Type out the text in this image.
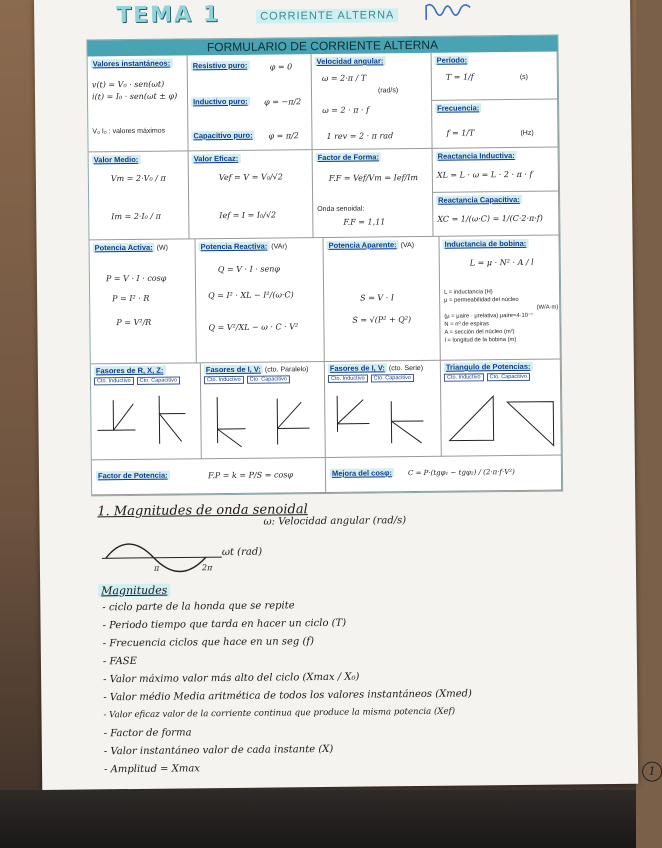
TEMA 1	CORRIENTE ALTERNA
FORMULARIO DE CORRIENTE ALTERNA
Valores instantáneos:
v(t) = V₀ · sen(ωt)
i(t) = I₀ · sen(ωt ± φ)
V₀ I₀ : valores máximos
Resistivo puro:	φ = 0
Inductivo puro: φ = −π/2
Capacitivo puro: φ = π/2
Velocidad angular:
ω = 2·π / T
(rad/s)
ω = 2 · π · f
1 rev = 2 · π rad
Período:
T = 1/f	(s)
Frecuencia:
f = 1/T	(Hz)
Valor Medio:
Vm = 2·V₀ / π
Im = 2·I₀ / π
Valor Eficaz:
Vef = V = V₀/√2
Ief = I = I₀/√2
Factor de Forma:
F.F = Vef/Vm = Ief/Im
Onda senoidal:
F.F = 1,11
Reactancia Inductiva:
XL = L · ω = L · 2 · π · f
Reactancia Capacitiva:
XC = 1/(ω·C) = 1/(C·2·π·f)
Potencia Activa: (W)
P = V · I · cosφ
P = I² · R
P = V²/R
Potencia Reactiva: (VAr)
Q = V · I · senφ
Q = I² · XL − I²/(ω·C)
Q = V²/XL − ω · C · V²
Potencia Aparente: (VA)
S = V · I
S = √(P² + Q²)
Inductancia de bobina:
L = μ · N² · A / l
L = inductancia (H)
μ = permeabilidad del núcleo
(W/A·m)
(μ = μaire · μrelativa) μaire=4·10⁻⁷
N = nº de espiras
A = sección del núcleo (m²)
l = longitud de la bobina (m)
Fasores de R, X, Z:
Cto. Inductivo Cto. Capacitivo
Fasores de I, V: (cto. Paralelo)
Cto. Inductivo Cto. Capacitivo
Fasores de I, V: (cto. Serie)
Cto. Inductivo Cto. Capacitivo
Triangulo de Potencias:
Cto. Inductivo Cto. Capacitivo
Factor de Potencia:	F.P = k = P/S = cosφ	Mejora del cosφ: C = P·(tgφ₁ − tgφ₂) / (2·π·f·V²)
1. Magnitudes de onda senoidal
ω: Velocidad angular (rad/s)
ωt (rad)
π	2π
Magnitudes
- ciclo parte de la honda que se repite
- Periodo tiempo que tarda en hacer un ciclo (T)
- Frecuencia ciclos que hace en un seg (f)
- FASE
- Valor máximo valor más alto del ciclo (Xmax / X₀)
- Valor médio Media aritmética de todos los valores instantáneos (Xmed)
- Valor eficaz valor de la corriente continua que produce la misma potencia (Xef)
- Factor de forma
- Valor instantáneo valor de cada instante (X)
- Amplitud = Xmax	1
